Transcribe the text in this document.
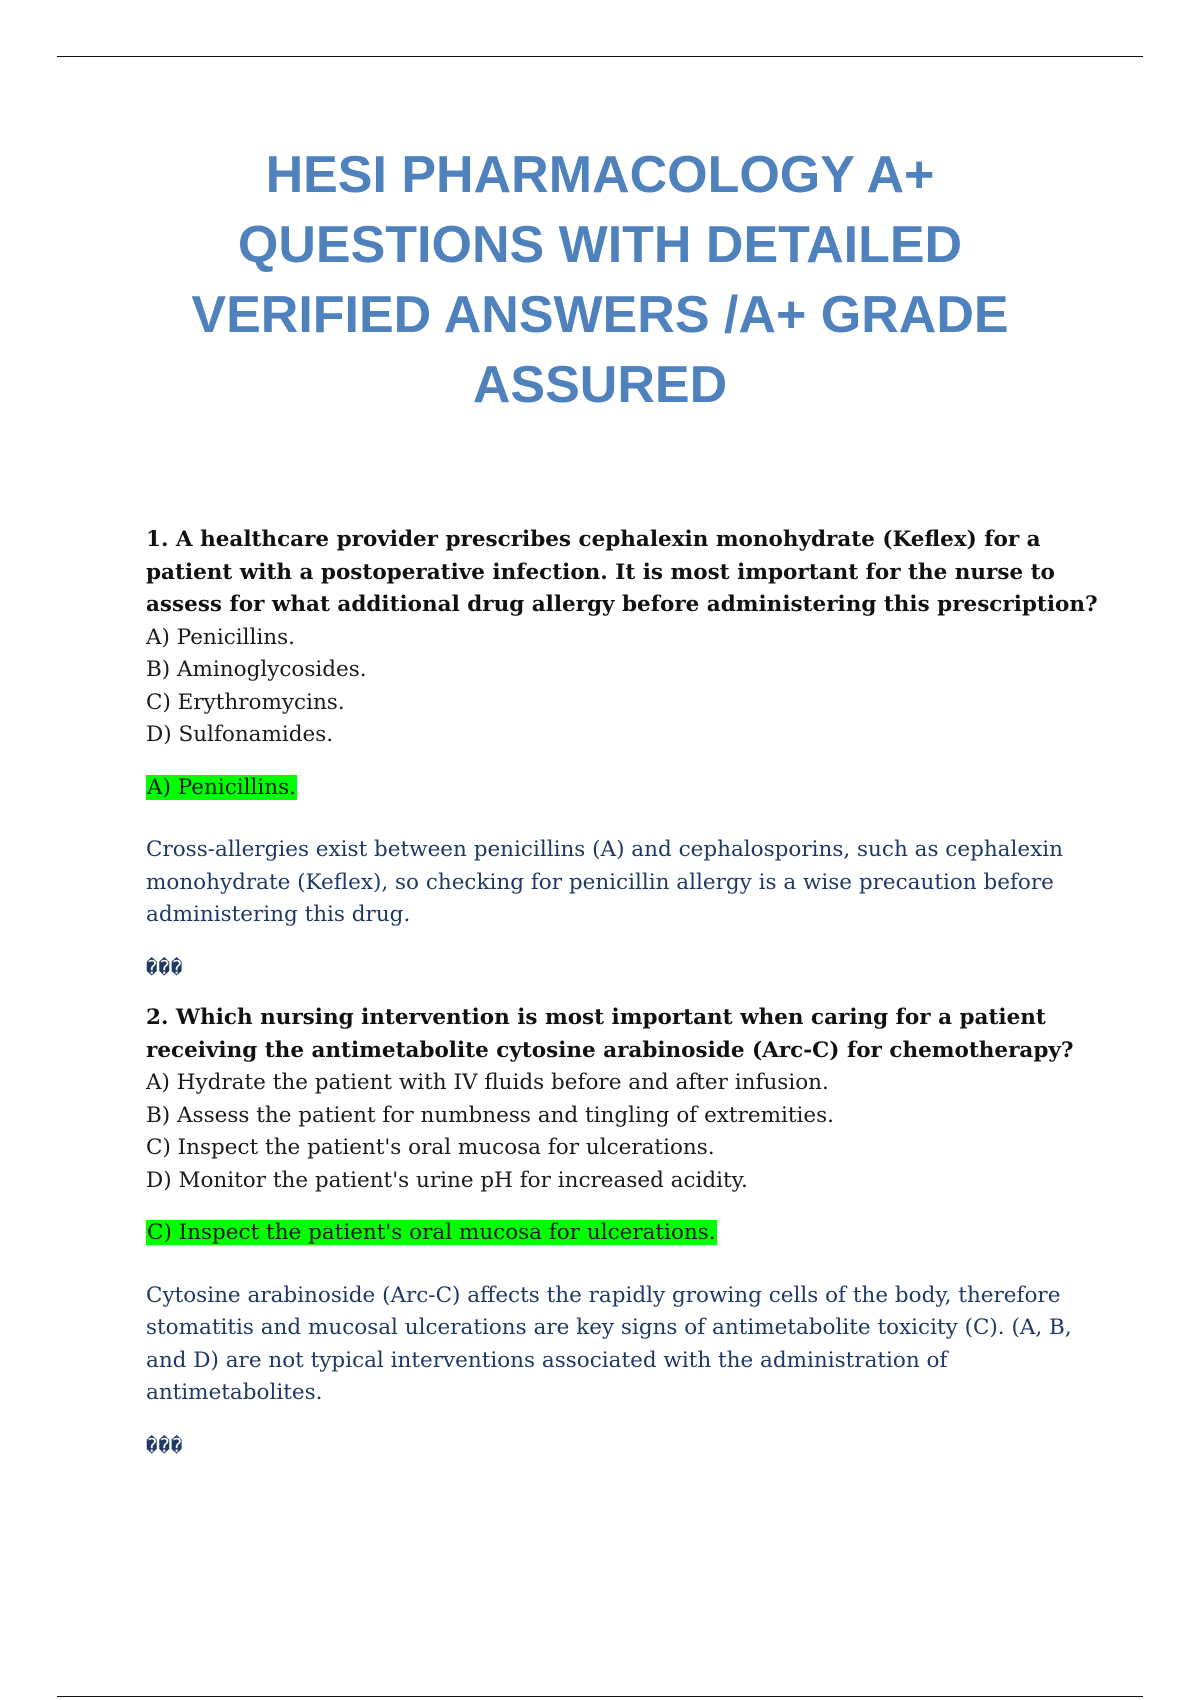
HESI PHARMACOLOGY A+
QUESTIONS WITH DETAILED
VERIFIED ANSWERS /A+ GRADE
ASSURED

1. A healthcare provider prescribes cephalexin monohydrate (Keflex) for a patient with a postoperative infection. It is most important for the nurse to assess for what additional drug allergy before administering this prescription?

A) Penicillins.
B) Aminoglycosides.
C) Erythromycins.
D) Sulfonamides.

A) Penicillins.

Cross-allergies exist between penicillins (A) and cephalosporins, such as cephalexin monohydrate (Keflex), so checking for penicillin allergy is a wise precaution before administering this drug.

���

2. Which nursing intervention is most important when caring for a patient receiving the antimetabolite cytosine arabinoside (Arc-C) for chemotherapy?

A) Hydrate the patient with IV fluids before and after infusion.
B) Assess the patient for numbness and tingling of extremities.
C) Inspect the patient's oral mucosa for ulcerations.
D) Monitor the patient's urine pH for increased acidity.

C) Inspect the patient's oral mucosa for ulcerations.

Cytosine arabinoside (Arc-C) affects the rapidly growing cells of the body, therefore stomatitis and mucosal ulcerations are key signs of antimetabolite toxicity (C). (A, B, and D) are not typical interventions associated with the administration of antimetabolites.

���
